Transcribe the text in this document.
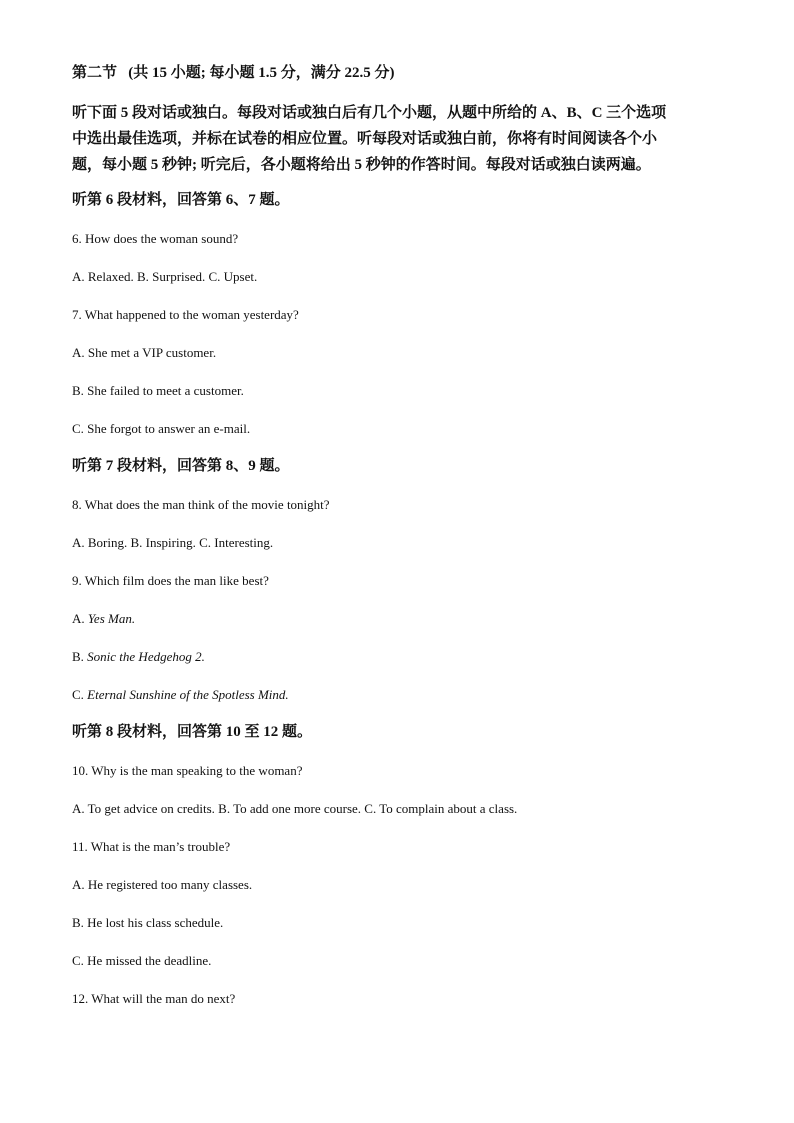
第二节 (共 15 小题; 每小题 1.5 分，满分 22.5 分)
听下面 5 段对话或独白。每段对话或独白后有几个小题，从题中所给的 A、B、C 三个选项
中选出最佳选项，并标在试卷的相应位置。听每段对话或独白前，你将有时间阅读各个小
题，每小题 5 秒钟; 听完后，各小题将给出 5 秒钟的作答时间。每段对话或独白读两遍。
听第 6 段材料，回答第 6、7 题。
6. How does the woman sound?
A. Relaxed. B. Surprised. C. Upset.
7. What happened to the woman yesterday?
A. She met a VIP customer.
B. She failed to meet a customer.
C. She forgot to answer an e-mail.
听第 7 段材料，回答第 8、9 题。
8. What does the man think of the movie tonight?
A. Boring. B. Inspiring. C. Interesting.
9. Which film does the man like best?
A. Yes Man.
B. Sonic the Hedgehog 2.
C. Eternal Sunshine of the Spotless Mind.
听第 8 段材料，回答第 10 至 12 题。
10. Why is the man speaking to the woman?
A. To get advice on credits. B. To add one more course. C. To complain about a class.
11. What is the man’s trouble?
A. He registered too many classes.
B. He lost his class schedule.
C. He missed the deadline.
12. What will the man do next?
